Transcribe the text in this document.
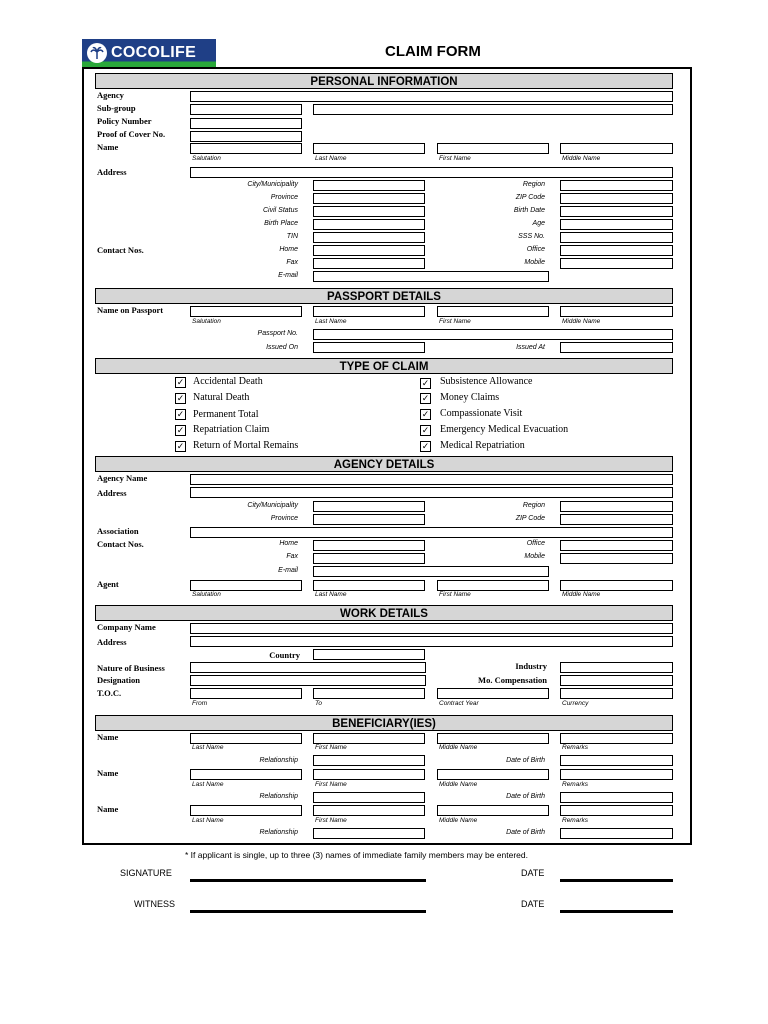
COCOLIFE	CLAIM FORM
PERSONAL INFORMATION
Agency
Sub-group
Policy Number
Proof of Cover No.
Name
Salutation	Last Name	First Name	Middle Name
Address
City/Municipality	Region
Province	ZIP Code
Civil Status	Birth Date
Birth Place	Age
TIN	SSS No.
Contact Nos.	Home	Office
Fax	Mobile
E-mail
PASSPORT DETAILS
Name on Passport
Salutation	Last Name	First Name	Middle Name
Passport No.
Issued On	Issued At
TYPE OF CLAIM
✓ Accidental Death
✓ Natural Death
✓ Permanent Total
✓ Repatriation Claim
✓ Return of Mortal Remains
✓ Subsistence Allowance
✓ Money Claims
✓ Compassionate Visit
✓ Emergency Medical Evacuation
✓ Medical Repatriation
AGENCY DETAILS
Agency Name
Address
City/Municipality	Region
Province	ZIP Code
Association
Contact Nos.	Home	Office
Fax	Mobile
E-mail
Agent
Salutation	Last Name	First Name	Middle Name
WORK DETAILS
Company Name
Address
Country
Nature of Business	Industry
Designation	Mo. Compensation
T.O.C.
From	To	Contract Year	Currency
BENEFICIARY(IES)
Name
Last Name	First Name	Middle Name	Remarks
Relationship	Date of Birth
Name
Last Name	First Name	Middle Name	Remarks
Relationship	Date of Birth
Name
Last Name	First Name	Middle Name	Remarks
Relationship	Date of Birth
* If applicant is single, up to three (3) names of immediate family members may be entered.
SIGNATURE	DATE
WITNESS	DATE
